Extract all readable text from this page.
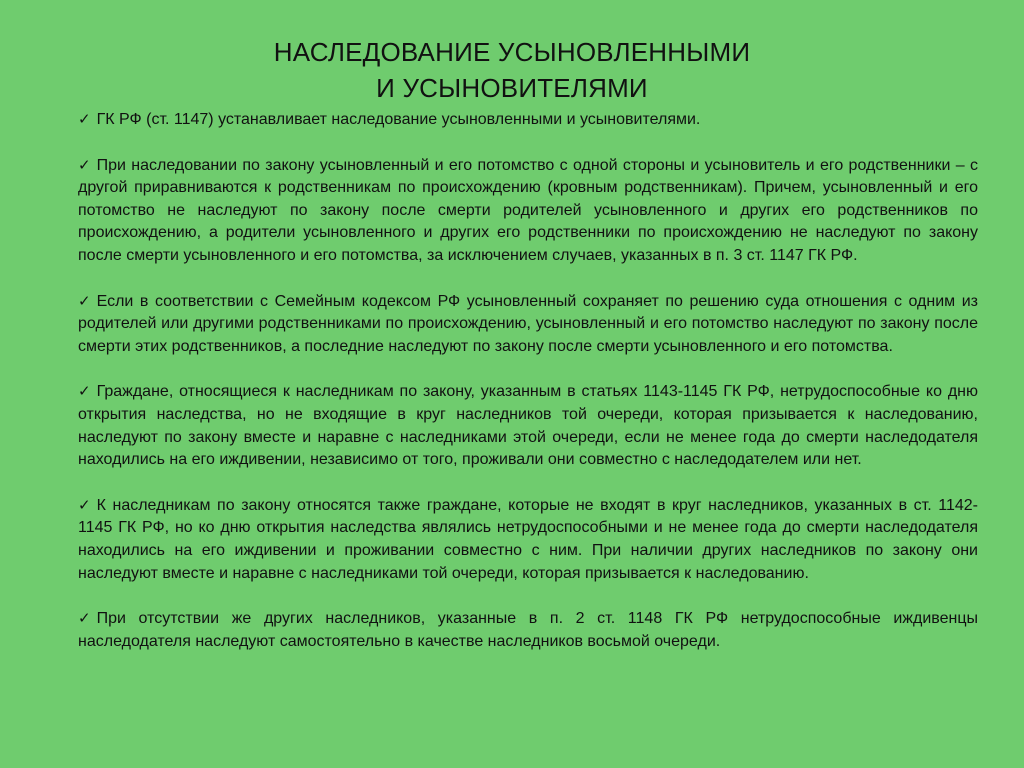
НАСЛЕДОВАНИЕ УСЫНОВЛЕННЫМИ
И УСЫНОВИТЕЛЯМИ

✓ ГК РФ (ст. 1147) устанавливает наследование усыновленными и усыновителями.

✓ При наследовании по закону усыновленный и его потомство с одной стороны и усыновитель и его родственники – с другой приравниваются к родственникам по происхождению (кровным родственникам). Причем, усыновленный и его потомство не наследуют по закону после смерти родителей усыновленного и других его родственников по происхождению, а родители усыновленного и других его родственники по происхождению не наследуют по закону после смерти усыновленного и его потомства, за исключением случаев, указанных в п. 3 ст. 1147 ГК РФ.

✓ Если в соответствии с Семейным кодексом РФ усыновленный сохраняет по решению суда отношения с одним из родителей или другими родственниками по происхождению, усыновленный и его потомство наследуют по закону после смерти этих родственников, а последние наследуют по закону после смерти усыновленного и его потомства.

✓ Граждане, относящиеся к наследникам по закону, указанным в статьях 1143-1145 ГК РФ, нетрудоспособные ко дню открытия наследства, но не входящие в круг наследников той очереди, которая призывается к наследованию, наследуют по закону вместе и наравне с наследниками этой очереди, если не менее года до смерти наследодателя находились на его иждивении, независимо от того, проживали они совместно с наследодателем или нет.

✓ К наследникам по закону относятся также граждане, которые не входят в круг наследников, указанных в ст. 1142-1145 ГК РФ, но ко дню открытия наследства являлись нетрудоспособными и не менее года до смерти наследодателя находились на его иждивении и проживании совместно с ним. При наличии других наследников по закону они наследуют вместе и наравне с наследниками той очереди, которая призывается к наследованию.

✓ При отсутствии же других наследников, указанные в п. 2 ст. 1148 ГК РФ нетрудоспособные иждивенцы наследодателя наследуют самостоятельно в качестве наследников восьмой очереди.
